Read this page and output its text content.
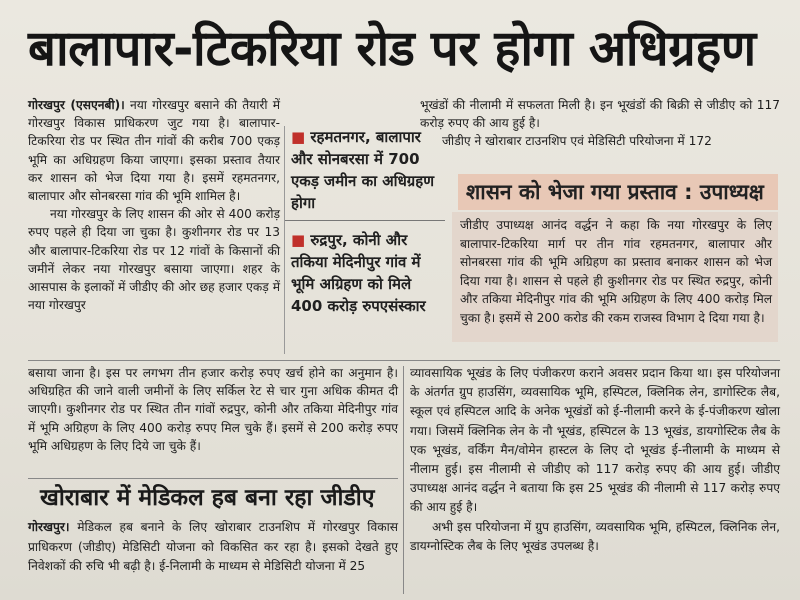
बालापार-टिकरिया रोड पर होगा अधिग्रहण

गोरखपुर (एसएनबी)। नया गोरखपुर बसाने की तैयारी में गोरखपुर विकास प्राधिकरण जुट गया है। बालापार-टिकरिया रोड पर स्थित तीन गांवों की करीब 700 एकड़ भूमि का अधिग्रहण किया जाएगा। इसका प्रस्ताव तैयार कर शासन को भेज दिया गया है। इसमें रहमतनगर, बालापार और सोनबरसा गांव की भूमि शामिल है।

नया गोरखपुर के लिए शासन की ओर से 400 करोड़ रुपए पहले ही दिया जा चुका है। कुशीनगर रोड पर 13 और बालापार-टिकरिया रोड पर 12 गांवों के किसानों की जमीनें लेकर नया गोरखपुर बसाया जाएगा। शहर के आसपास के इलाकों में जीडीए की ओर छह हजार एकड़ में नया गोरखपुर

■ रहमतनगर, बालापार और सोनबरसा में 700 एकड़ जमीन का अधिग्रहण होगा
■ रुद्रपुर, कोनी और तकिया मेदिनीपुर गांव में भूमि अग्रिहण को मिले 400 करोड़ रुपएसंस्कार

भूखंडों की नीलामी में सफलता मिली है। इन भूखंडों की बिक्री से जीडीए को 117 करोड़ रुपए की आय हुई है।

जीडीए ने खोराबार टाउनशिप एवं मेडिसिटी परियोजना में 172

शासन को भेजा गया प्रस्ताव : उपाध्यक्ष
जीडीए उपाध्यक्ष आनंद वर्द्धन ने कहा कि नया गोरखपुर के लिए बालापार-टिकरिया मार्ग पर तीन गांव रहमतनगर, बालापार और सोनबरसा गांव की भूमि अग्रिहण का प्रस्ताव बनाकर शासन को भेज दिया गया है। शासन से पहले ही कुशीनगर रोड पर स्थित रुद्रपुर, कोनी और तकिया मेदिनीपुर गांव की भूमि अग्रिहण के लिए 400 करोड़ मिल चुका है। इसमें से 200 करोड की रकम राजस्व विभाग दे दिया गया है।

बसाया जाना है। इस पर लगभग तीन हजार करोड़ रुपए खर्च होने का अनुमान है। अधिग्रहित की जाने वाली जमीनों के लिए सर्किल रेट से चार गुना अधिक कीमत दी जाएगी। कुशीनगर रोड पर स्थित तीन गांवों रुद्रपुर, कोनी और तकिया मेदिनीपुर गांव में भूमि अग्रिहण के लिए 400 करोड़ रुपए मिल चुके हैं। इसमें से 200 करोड़ रुपए भूमि अधिग्रहण के लिए दिये जा चुके हैं।

खोराबार में मेडिकल हब बना रहा जीडीए

गोरखपुर। मेडिकल हब बनाने के लिए खोराबार टाउनशिप में गोरखपुर विकास प्राधिकरण (जीडीए) मेडिसिटी योजना को विकसित कर रहा है। इसको देखते हुए निवेशकों की रुचि भी बढ़ी है। ई-निलामी के माध्यम से मेडिसिटी योजना में 25

व्यावसायिक भूखंड के लिए पंजीकरण कराने अवसर प्रदान किया था। इस परियोजना के अंतर्गत ग्रुप हाउसिंग, व्यवसायिक भूमि, हस्पिटल, क्लिनिक लेन, डागोस्टिक लैब, स्कूल एवं हस्पिटल आदि के अनेक भूखंडों को ई-नीलामी करने के ई-पंजीकरण खोला गया। जिसमें क्लिनिक लेन के नौ भूखंड, हस्पिटल के 13 भूखंड, डायगोस्टिक लैब के एक भूखंड, वर्किंग मैन/वोमेन हास्टल के लिए दो भूखंड ई-नीलामी के माध्यम से नीलाम हुई। इस नीलामी से जीडीए को 117 करोड़ रुपए की आय हुई। जीडीए उपाध्यक्ष आनंद वर्द्धन ने बताया कि इस 25 भूखंड की नीलामी से 117 करोड़ रुपए की आय हुई है।

अभी इस परियोजना में ग्रुप हाउसिंग, व्यवसायिक भूमि, हस्पिटल, क्लिनिक लेन, डायग्नोस्टिक लैब के लिए भूखंड उपलब्ध है।
